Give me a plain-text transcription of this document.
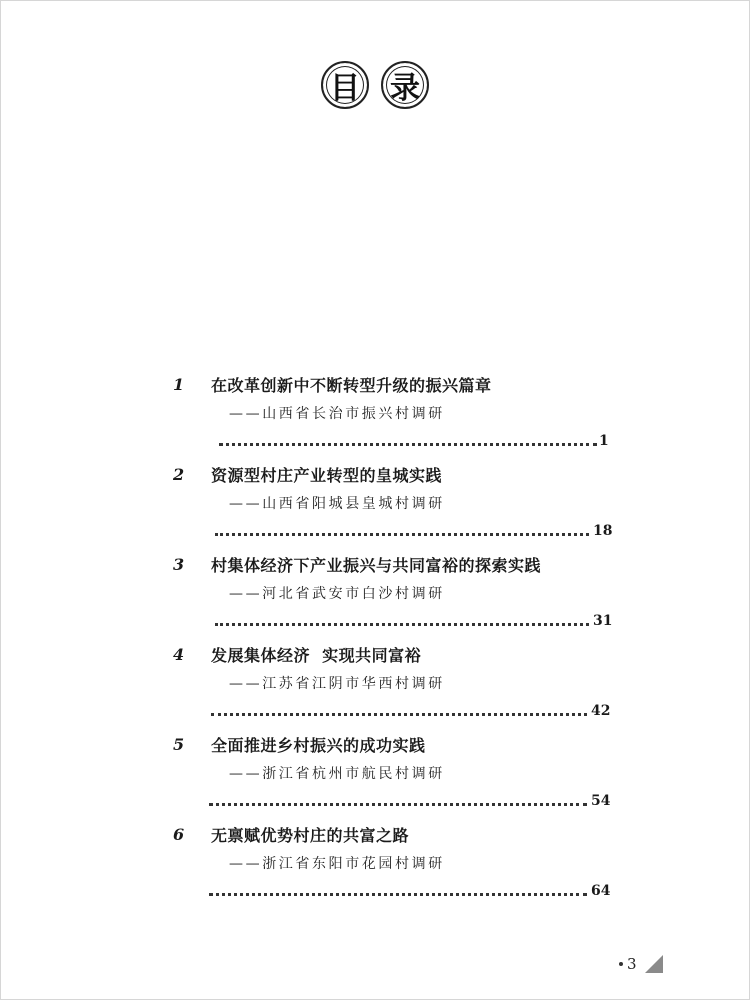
目	录
1 在改革创新中不断转型升级的振兴篇章
——山西省长治市振兴村调研
1
2 资源型村庄产业转型的皇城实践
——山西省阳城县皇城村调研
18
3 村集体经济下产业振兴与共同富裕的探索实践
——河北省武安市白沙村调研
31
4 发展集体经济  实现共同富裕
——江苏省江阴市华西村调研
42
5 全面推进乡村振兴的成功实践
——浙江省杭州市航民村调研
54
6 无禀赋优势村庄的共富之路
——浙江省东阳市花园村调研
64
3
